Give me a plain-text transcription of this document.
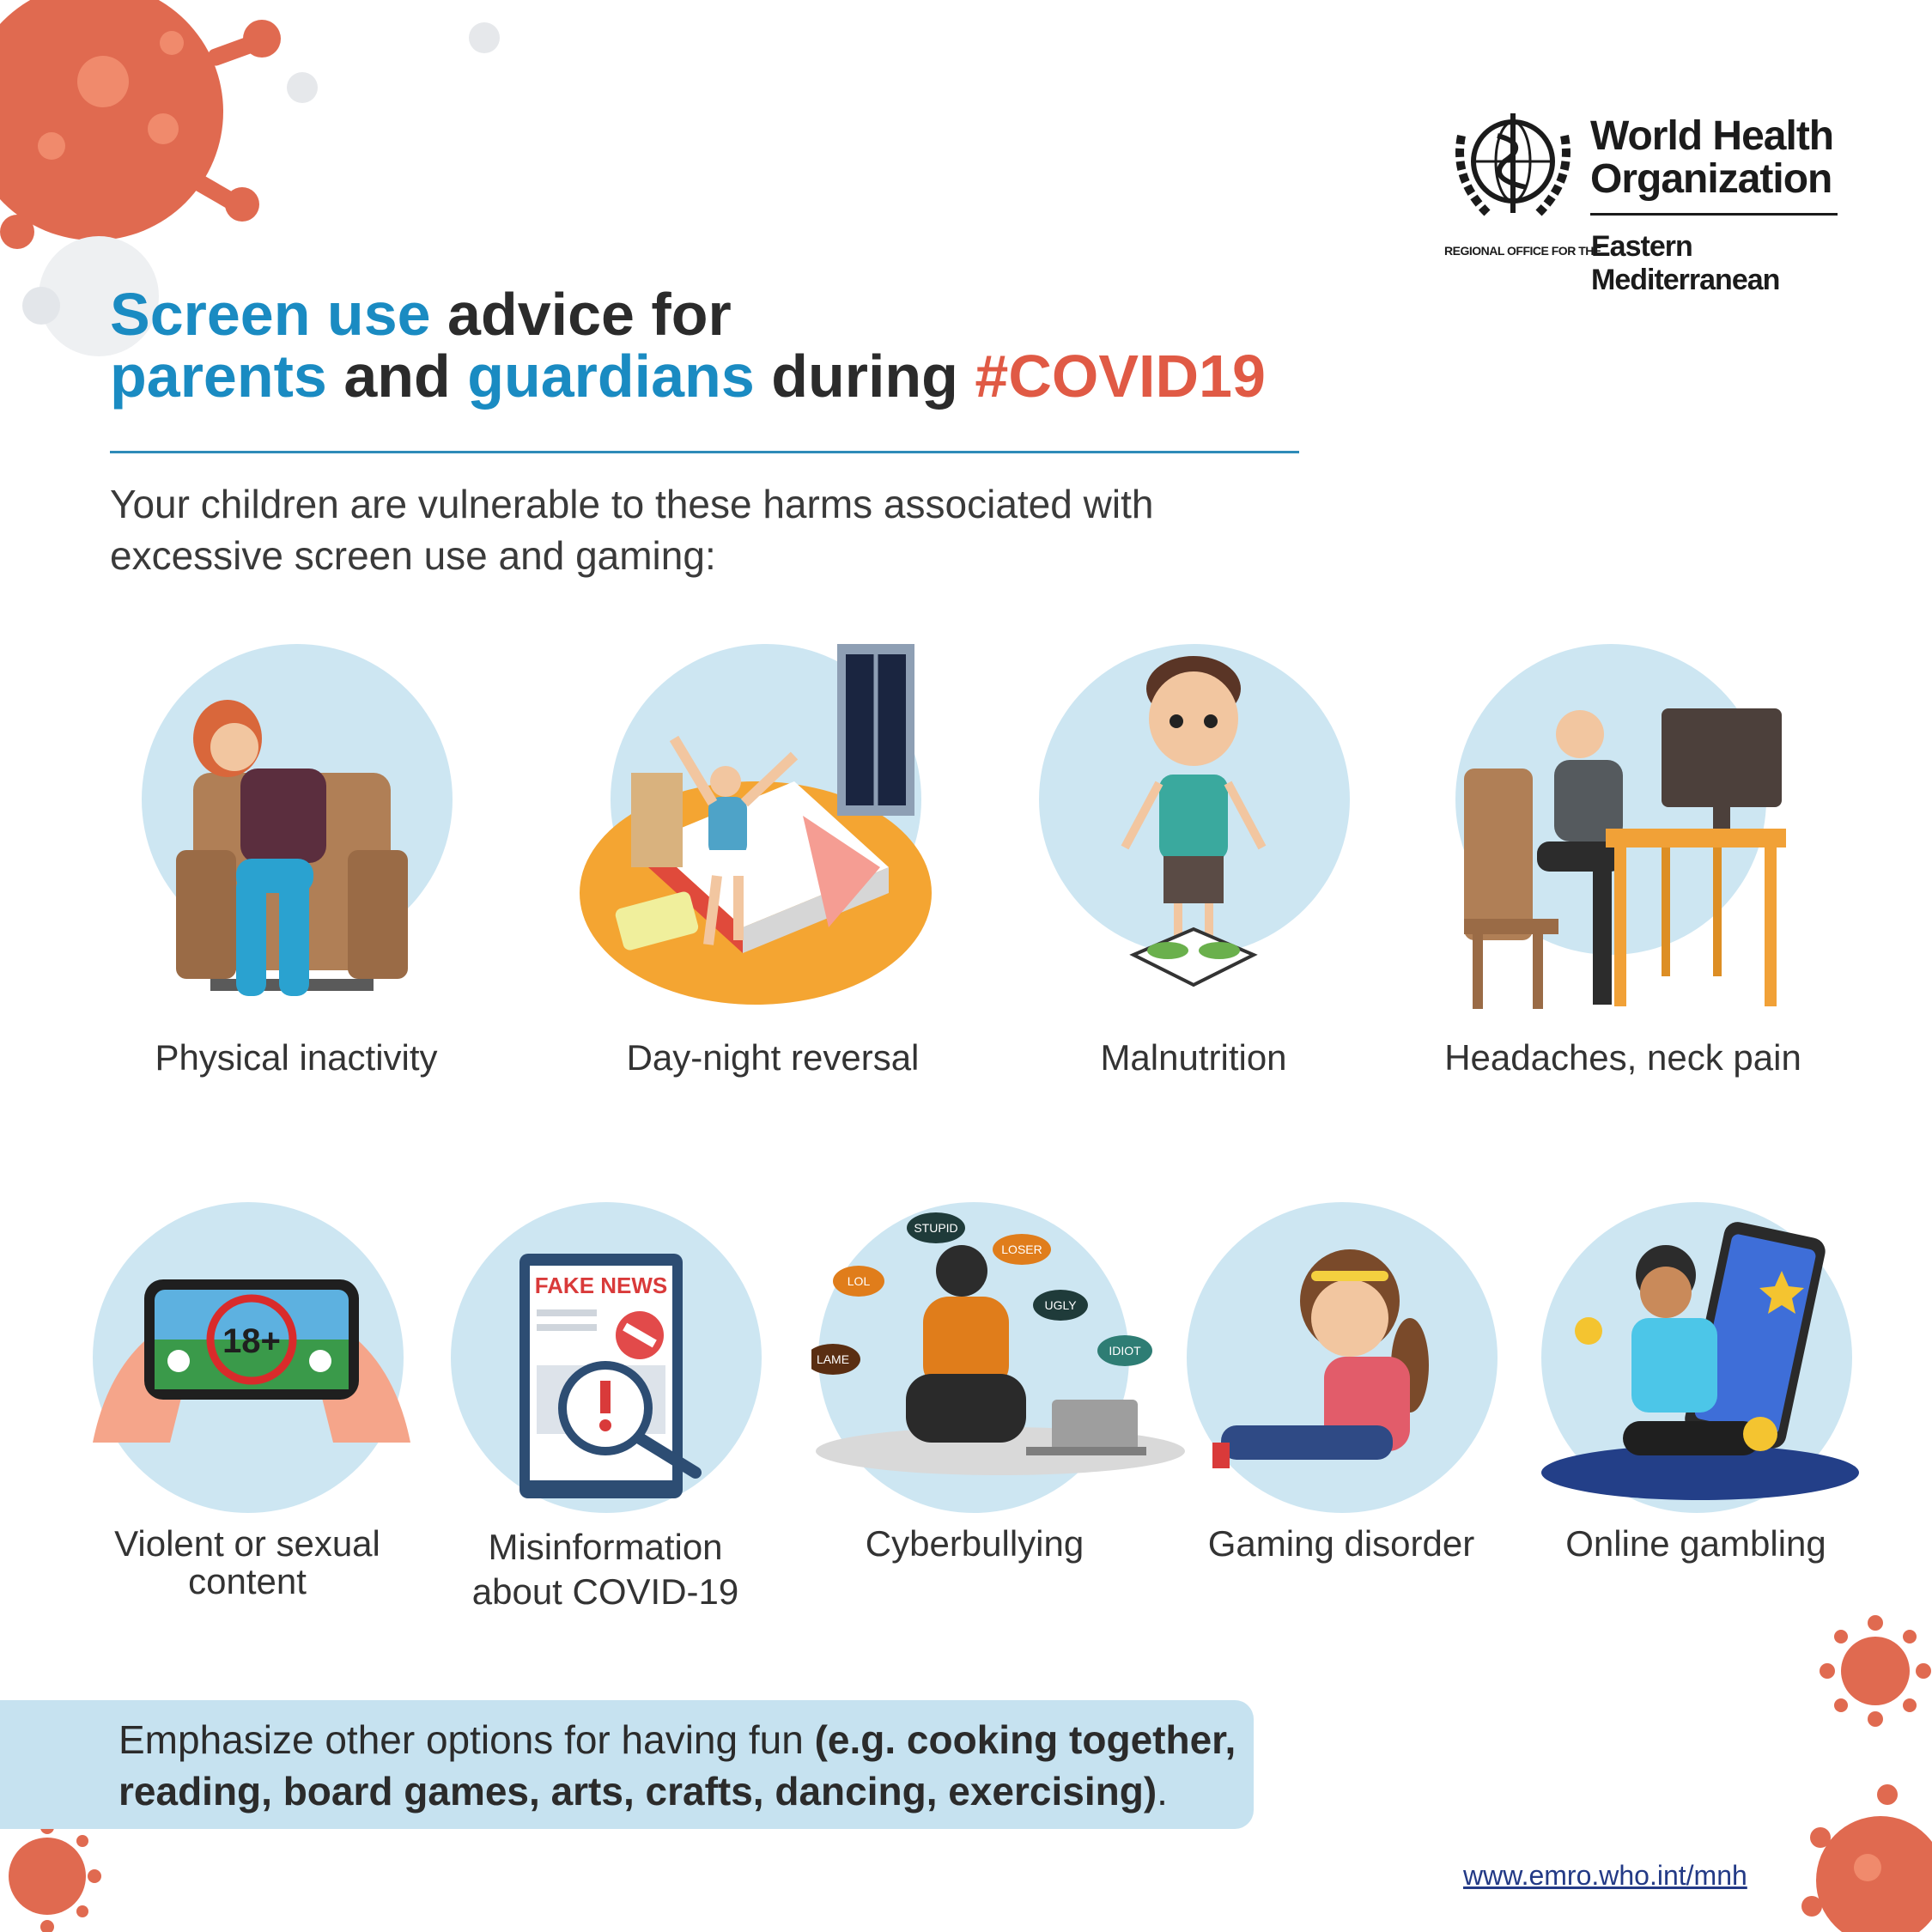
World Health
Organization
REGIONAL OFFICE FOR THE
Eastern Mediterranean
Screen use advice for
parents and guardians during #COVID19
Your children are vulnerable to these harms associated with excessive screen use and gaming:
Physical inactivity	Day-night reversal	Malnutrition	Headaches, neck pain
18+
Violent or sexual
content
FAKE NEWS
Misinformation
about COVID-19
STUPID
LOSER
LOL
UGLY
LAME
IDIOT
Cyberbullying	Gaming disorder	Online gambling
Emphasize other options for having fun (e.g. cooking together, reading, board games, arts, crafts, dancing, exercising).
www.emro.who.int/mnh
